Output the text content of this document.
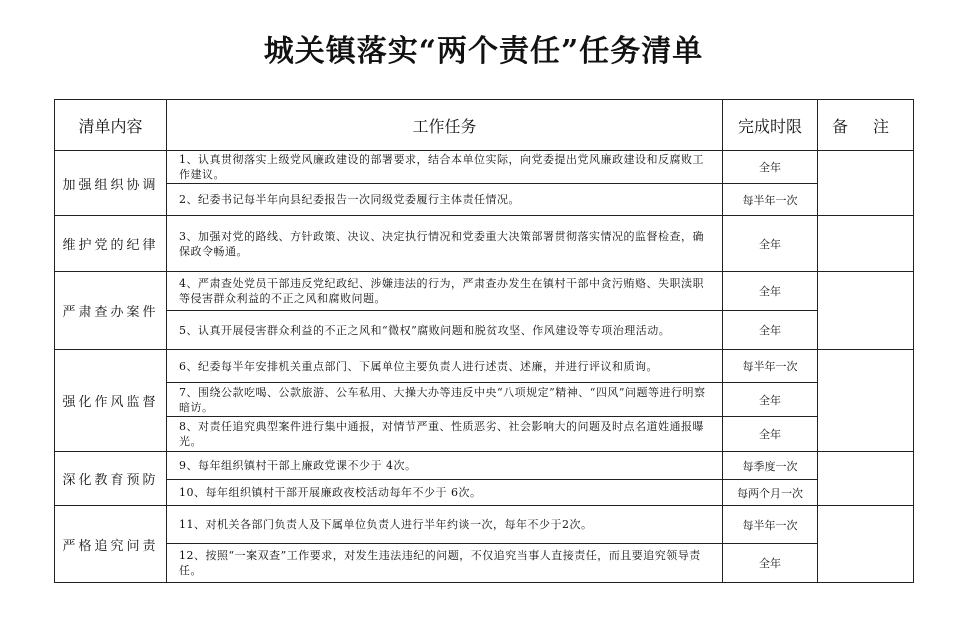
城关镇落实“两个责任”任务清单
清单内容	工作任务	完成时限	备 注
加强组织协调	1、认真贯彻落实上级党风廉政建设的部署要求，结合本单位实际，向党委提出党风廉政建设和反腐败工作建议。	全年	
	2、纪委书记每半年向县纪委报告一次同级党委履行主体责任情况。	每半年一次	
维护党的纪律	3、加强对党的路线、方针政策、决议、决定执行情况和党委重大决策部署贯彻落实情况的监督检查，确保政令畅通。	全年	
严肃查办案件	4、严肃查处党员干部违反党纪政纪、涉嫌违法的行为，严肃查办发生在镇村干部中贪污贿赂、失职渎职等侵害群众利益的不正之风和腐败问题。	全年	
	5、认真开展侵害群众利益的不正之风和“微权”腐败问题和脱贫攻坚、作风建设等专项治理活动。	全年	
强化作风监督	6、纪委每半年安排机关重点部门、下属单位主要负责人进行述责、述廉，并进行评议和质询。	每半年一次	
	7、围绕公款吃喝、公款旅游、公车私用、大操大办等违反中央“八项规定”精神、“四风”问题等进行明察暗访。	全年	
	8、对责任追究典型案件进行集中通报，对情节严重、性质恶劣、社会影响大的问题及时点名道姓通报曝光。	全年	
深化教育预防	9、每年组织镇村干部上廉政党课不少于 4次。	每季度一次	
	10、每年组织镇村干部开展廉政夜校活动每年不少于 6次。	每两个月一次	
严格追究问责	11、对机关各部门负责人及下属单位负责人进行半年约谈一次，每年不少于2次。	每半年一次	
	12、按照“一案双查”工作要求，对发生违法违纪的问题，不仅追究当事人直接责任，而且要追究领导责任。	全年	
